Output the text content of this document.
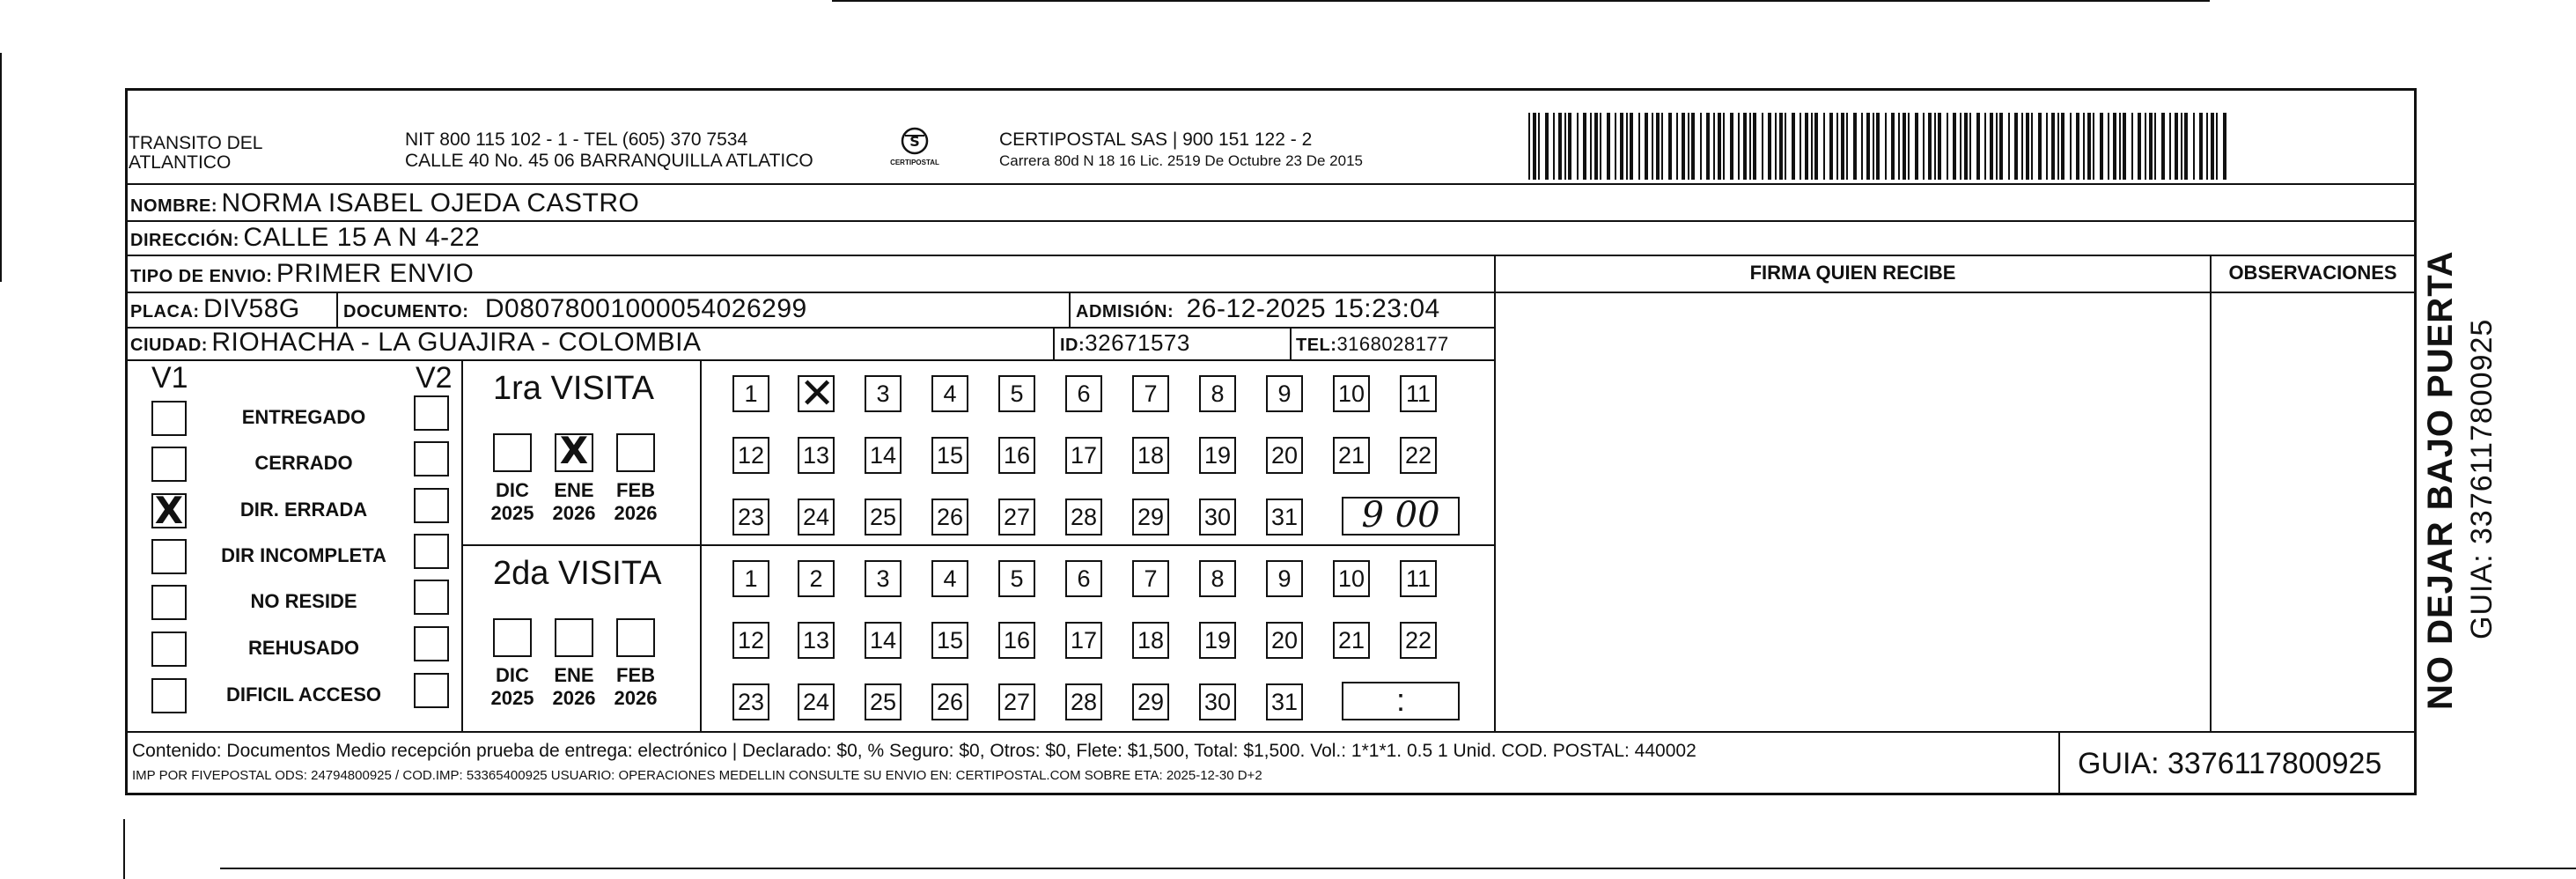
TRANSITO DEL
ATLANTICO
NIT 800 115 102 - 1 - TEL (605) 370 7534
CALLE 40 No. 45 06 BARRANQUILLA ATLATICO
S
CERTIPOSTAL
CERTIPOSTAL SAS | 900 151 122 - 2
Carrera 80d N 18 16 Lic. 2519 De Octubre 23 De 2015
NOMBRE: NORMA ISABEL OJEDA CASTRO
DIRECCIÓN: CALLE 15 A N 4-22
TIPO DE ENVIO: PRIMER ENVIO
PLACA: DIV58G DOCUMENTO: D08078001000054026299	ADMISIÓN: 26-12-2025 15:23:04
CIUDAD: RIOHACHA - LA GUAJIRA - COLOMBIA	ID:32671573	TEL:3168028177
FIRMA QUIEN RECIBE	OBSERVACIONES
V1	V2
ENTREGADO
CERRADO
X	DIR. ERRADA
DIR INCOMPLETA
NO RESIDE
REHUSADO
DIFICIL ACCESO
1ra VISITA
DIC
2025
X
ENE
2026
FEB
2026
1 ✕	3	4	5	6	7	8	9	10 11
12 13 14 15 16 17 18 19 20 21 22
23 24 25 26 27 28 29 30 31	9 00
2da VISITA
DIC
2025
ENE
2026
FEB
2026
1	2	3	4	5	6	7	8	9	10 11
12 13 14 15 16 17 18 19 20 21 22
23 24 25 26 27 28 29 30 31	:
Contenido: Documentos Medio recepción prueba de entrega: electrónico | Declarado: $0, % Seguro: $0, Otros: $0, Flete: $1,500, Total: $1,500. Vol.: 1*1*1. 0.5 1 Unid. COD. POSTAL: 440002
IMP POR FIVEPOSTAL ODS: 24794800925 / COD.IMP: 53365400925 USUARIO: OPERACIONES MEDELLIN CONSULTE SU ENVIO EN: CERTIPOSTAL.COM SOBRE ETA: 2025-12-30 D+2	GUIA: 3376117800925
NO DEJAR BAJO PUERTA GUIA: 3376117800925
